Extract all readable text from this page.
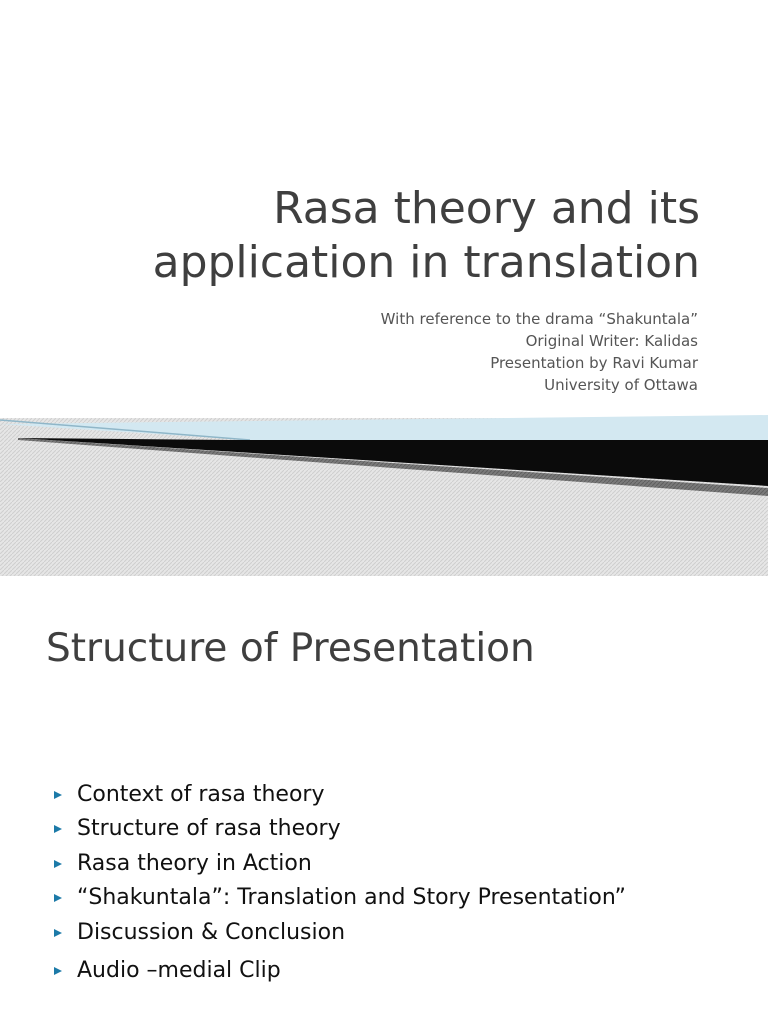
Rasa theory and its
application in translation
With reference to the drama “Shakuntala”
Original Writer: Kalidas
Presentation by Ravi Kumar
University of Ottawa
Structure of Presentation
Context of rasa theory
Structure of rasa theory
Rasa theory in Action
“Shakuntala”: Translation and Story Presentation”
Discussion & Conclusion
Audio –medial Clip
